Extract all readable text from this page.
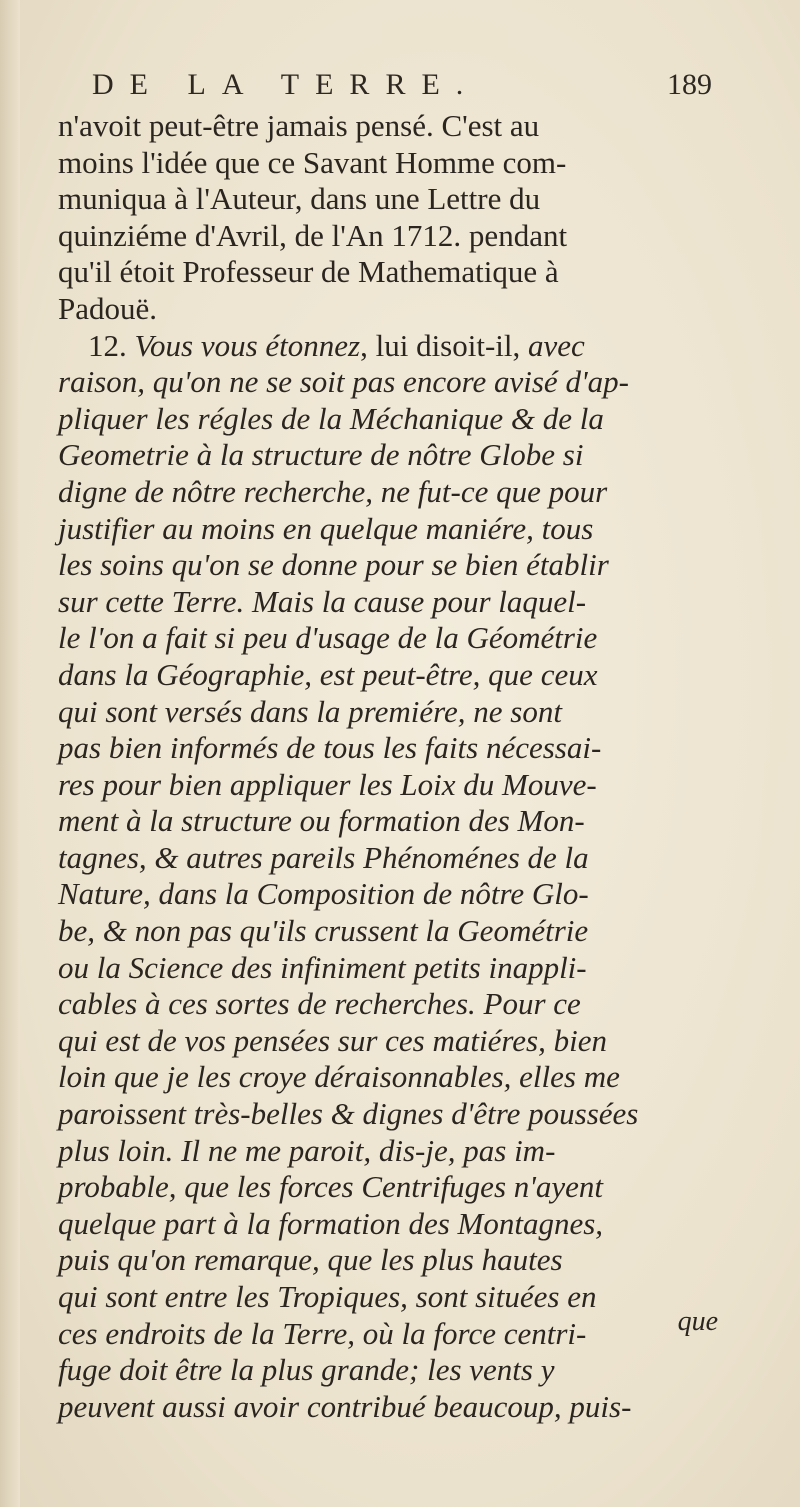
DE LA TERRE.	189
n'avoit peut-être jamais pensé. C'est au
moins l'idée que ce Savant Homme com-
muniqua à l'Auteur, dans une Lettre du
quinziéme d'Avril, de l'An 1712. pendant
qu'il étoit Professeur de Mathematique à
Padouë.
12. Vous vous étonnez, lui disoit-il, avec
raison, qu'on ne se soit pas encore avisé d'ap-
pliquer les régles de la Méchanique & de la
Geometrie à la structure de nôtre Globe si
digne de nôtre recherche, ne fut-ce que pour
justifier au moins en quelque maniére, tous
les soins qu'on se donne pour se bien établir
sur cette Terre. Mais la cause pour laquel-
le l'on a fait si peu d'usage de la Géométrie
dans la Géographie, est peut-être, que ceux
qui sont versés dans la premiére, ne sont
pas bien informés de tous les faits nécessai-
res pour bien appliquer les Loix du Mouve-
ment à la structure ou formation des Mon-
tagnes, & autres pareils Phénoménes de la
Nature, dans la Composition de nôtre Glo-
be, & non pas qu'ils crussent la Geométrie
ou la Science des infiniment petits inappli-
cables à ces sortes de recherches. Pour ce
qui est de vos pensées sur ces matiéres, bien
loin que je les croye déraisonnables, elles me
paroissent très-belles & dignes d'être poussées
plus loin. Il ne me paroit, dis-je, pas im-
probable, que les forces Centrifuges n'ayent
quelque part à la formation des Montagnes,
puis qu'on remarque, que les plus hautes
qui sont entre les Tropiques, sont situées en
ces endroits de la Terre, où la force centri-
fuge doit être la plus grande; les vents y
peuvent aussi avoir contribué beaucoup, puis-
que
